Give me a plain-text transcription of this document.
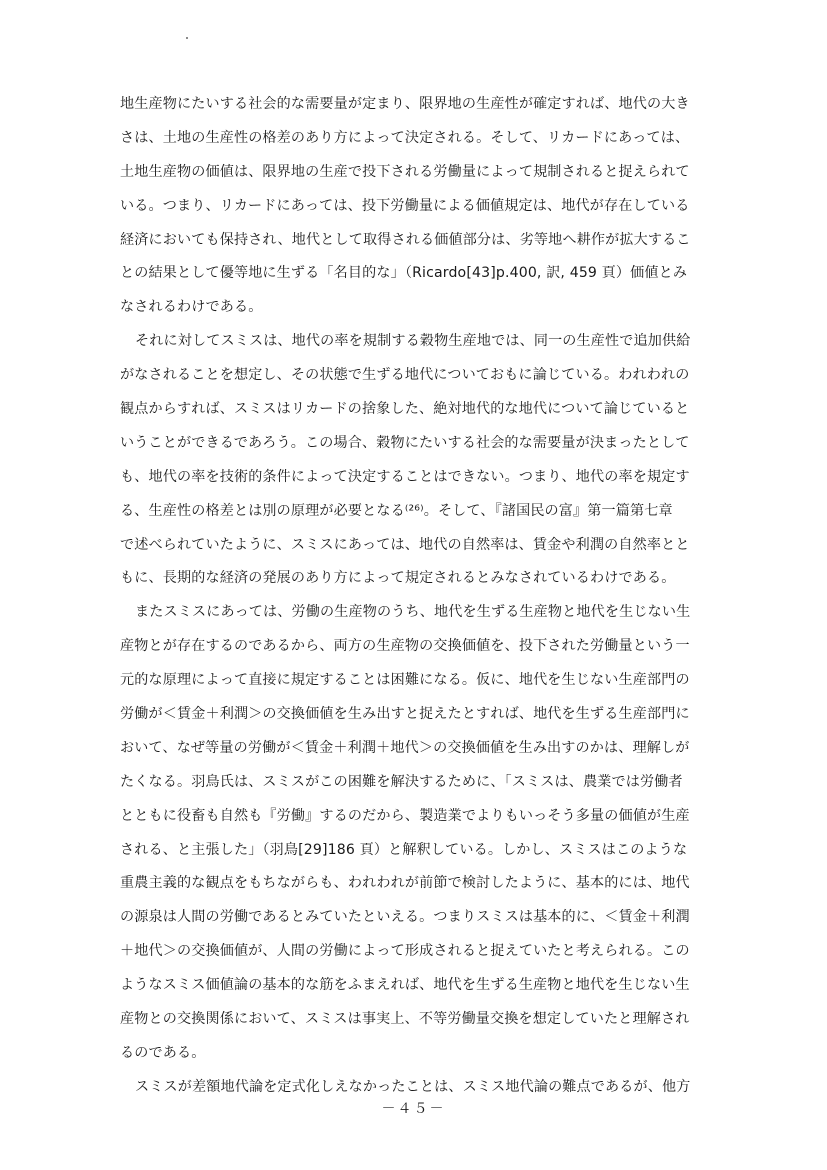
地生産物にたいする社会的な需要量が定まり、限界地の生産性が確定すれば、地代の大き
さは、土地の生産性の格差のあり方によって決定される。そして、リカードにあっては、
土地生産物の価値は、限界地の生産で投下される労働量によって規制されると捉えられて
いる。つまり、リカードにあっては、投下労働量による価値規定は、地代が存在している
経済においても保持され、地代として取得される価値部分は、劣等地へ耕作が拡大するこ
との結果として優等地に生ずる「名目的な」（Ricardo[43]p.400, 訳, 459 頁）価値とみ
なされるわけである。
それに対してスミスは、地代の率を規制する穀物生産地では、同一の生産性で追加供給
がなされることを想定し、その状態で生ずる地代についておもに論じている。われわれの
観点からすれば、スミスはリカードの捨象した、絶対地代的な地代について論じていると
いうことができるであろう。この場合、穀物にたいする社会的な需要量が決まったとして
も、地代の率を技術的条件によって決定することはできない。つまり、地代の率を規定す
る、生産性の格差とは別の原理が必要となる⁽²⁶⁾。そして、『諸国民の富』第一篇第七章
で述べられていたように、スミスにあっては、地代の自然率は、賃金や利潤の自然率とと
もに、長期的な経済の発展のあり方によって規定されるとみなされているわけである。
またスミスにあっては、労働の生産物のうち、地代を生ずる生産物と地代を生じない生
産物とが存在するのであるから、両方の生産物の交換価値を、投下された労働量という一
元的な原理によって直接に規定することは困難になる。仮に、地代を生じない生産部門の
労働が＜賃金＋利潤＞の交換価値を生み出すと捉えたとすれば、地代を生ずる生産部門に
おいて、なぜ等量の労働が＜賃金＋利潤＋地代＞の交換価値を生み出すのかは、理解しが
たくなる。羽鳥氏は、スミスがこの困難を解決するために、「スミスは、農業では労働者
とともに役畜も自然も『労働』するのだから、製造業でよりもいっそう多量の価値が生産
される、と主張した」（羽鳥[29]186 頁）と解釈している。しかし、スミスはこのような
重農主義的な観点をもちながらも、われわれが前節で検討したように、基本的には、地代
の源泉は人間の労働であるとみていたといえる。つまりスミスは基本的に、＜賃金＋利潤
＋地代＞の交換価値が、人間の労働によって形成されると捉えていたと考えられる。この
ようなスミス価値論の基本的な筋をふまえれば、地代を生ずる生産物と地代を生じない生
産物との交換関係において、スミスは事実上、不等労働量交換を想定していたと理解され
るのである。
スミスが差額地代論を定式化しえなかったことは、スミス地代論の難点であるが、他方
－４５－
